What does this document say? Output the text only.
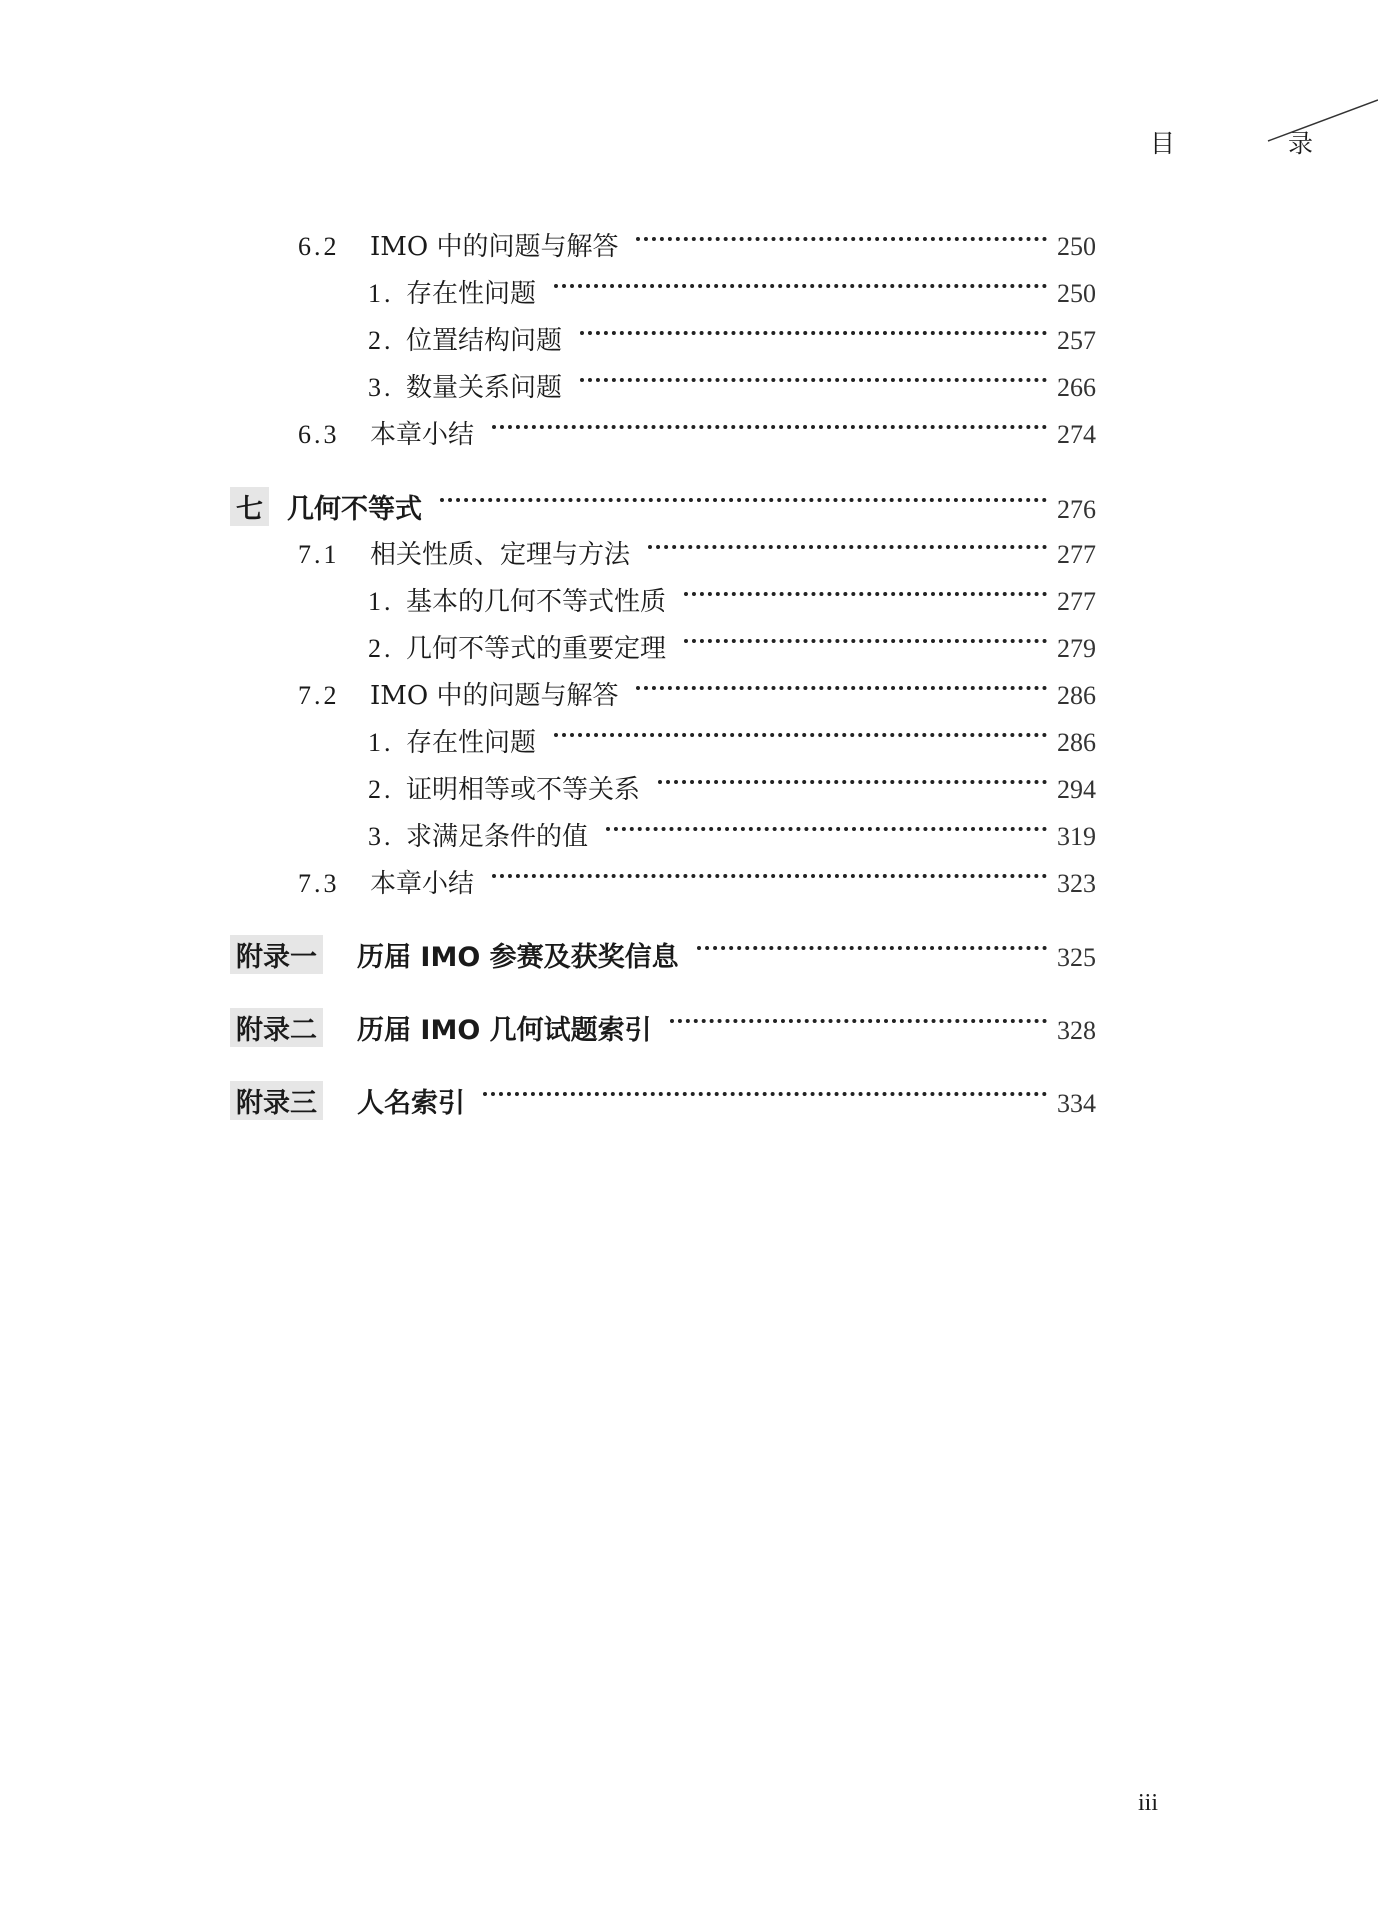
目　录
6.2	IMO 中的问题与解答	250
1. 存在性问题	250
2. 位置结构问题	257
3. 数量关系问题	266
6.3	本章小结	274
七 几何不等式	276
7.1	相关性质、定理与方法	277
1. 基本的几何不等式性质	277
2. 几何不等式的重要定理	279
7.2	IMO 中的问题与解答	286
1. 存在性问题	286
2. 证明相等或不等关系	294
3. 求满足条件的值	319
7.3	本章小结	323
附录一 历届 IMO 参赛及获奖信息	325
附录二 历届 IMO 几何试题索引	328
附录三 人名索引	334
iii
